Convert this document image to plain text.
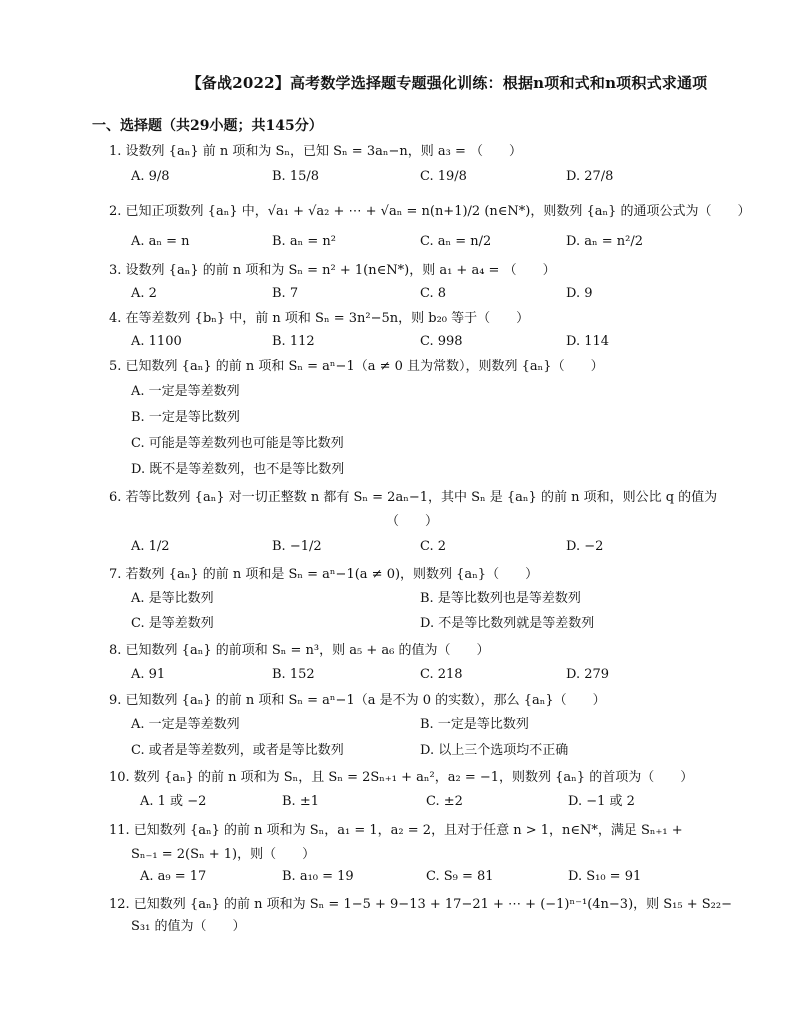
【备战2022】高考数学选择题专题强化训练：根据n项和式和n项积式求通项
一、选择题（共29小题；共145分）
1. 设数列 {aₙ} 前 n 项和为 Sₙ，已知 Sₙ = 3aₙ−n，则 a₃ = （　　）
A. 9/8	B. 15/8	C. 19/8	D. 27/8
2. 已知正项数列 {aₙ} 中，√a₁ + √a₂ + ⋯ + √aₙ = n(n+1)/2 (n∈N*)，则数列 {aₙ} 的通项公式为（　　）
A. aₙ = n	B. aₙ = n²	C. aₙ = n/2	D. aₙ = n²/2
3. 设数列 {aₙ} 的前 n 项和为 Sₙ = n² + 1(n∈N*)，则 a₁ + a₄ = （　　）
A. 2	B. 7	C. 8	D. 9
4. 在等差数列 {bₙ} 中，前 n 项和 Sₙ = 3n²−5n，则 b₂₀ 等于（　　）
A. 1100	B. 112	C. 998	D. 114
5. 已知数列 {aₙ} 的前 n 项和 Sₙ = aⁿ−1（a ≠ 0 且为常数），则数列 {aₙ}（　　）
A. 一定是等差数列
B. 一定是等比数列
C. 可能是等差数列也可能是等比数列
D. 既不是等差数列，也不是等比数列
6. 若等比数列 {aₙ} 对一切正整数 n 都有 Sₙ = 2aₙ−1，其中 Sₙ 是 {aₙ} 的前 n 项和，则公比 q 的值为
（　　）
A. 1/2	B. −1/2	C. 2	D. −2
7. 若数列 {aₙ} 的前 n 项和是 Sₙ = aⁿ−1(a ≠ 0)，则数列 {aₙ}（　　）
A. 是等比数列	B. 是等比数列也是等差数列
C. 是等差数列	D. 不是等比数列就是等差数列
8. 已知数列 {aₙ} 的前项和 Sₙ = n³，则 a₅ + a₆ 的值为（　　）
A. 91	B. 152	C. 218	D. 279
9. 已知数列 {aₙ} 的前 n 项和 Sₙ = aⁿ−1（a 是不为 0 的实数），那么 {aₙ}（　　）
A. 一定是等差数列	B. 一定是等比数列
C. 或者是等差数列，或者是等比数列	D. 以上三个选项均不正确
10. 数列 {aₙ} 的前 n 项和为 Sₙ，且 Sₙ = 2Sₙ₊₁ + aₙ²，a₂ = −1，则数列 {aₙ} 的首项为（　　）
A. 1 或 −2	B. ±1	C. ±2	D. −1 或 2
11. 已知数列 {aₙ} 的前 n 项和为 Sₙ，a₁ = 1，a₂ = 2，且对于任意 n > 1，n∈N*，满足 Sₙ₊₁ +
Sₙ₋₁ = 2(Sₙ + 1)，则（　　）
A. a₉ = 17	B. a₁₀ = 19	C. S₉ = 81	D. S₁₀ = 91
12. 已知数列 {aₙ} 的前 n 项和为 Sₙ = 1−5 + 9−13 + 17−21 + ⋯ + (−1)ⁿ⁻¹(4n−3)，则 S₁₅ + S₂₂−
S₃₁ 的值为（　　）
